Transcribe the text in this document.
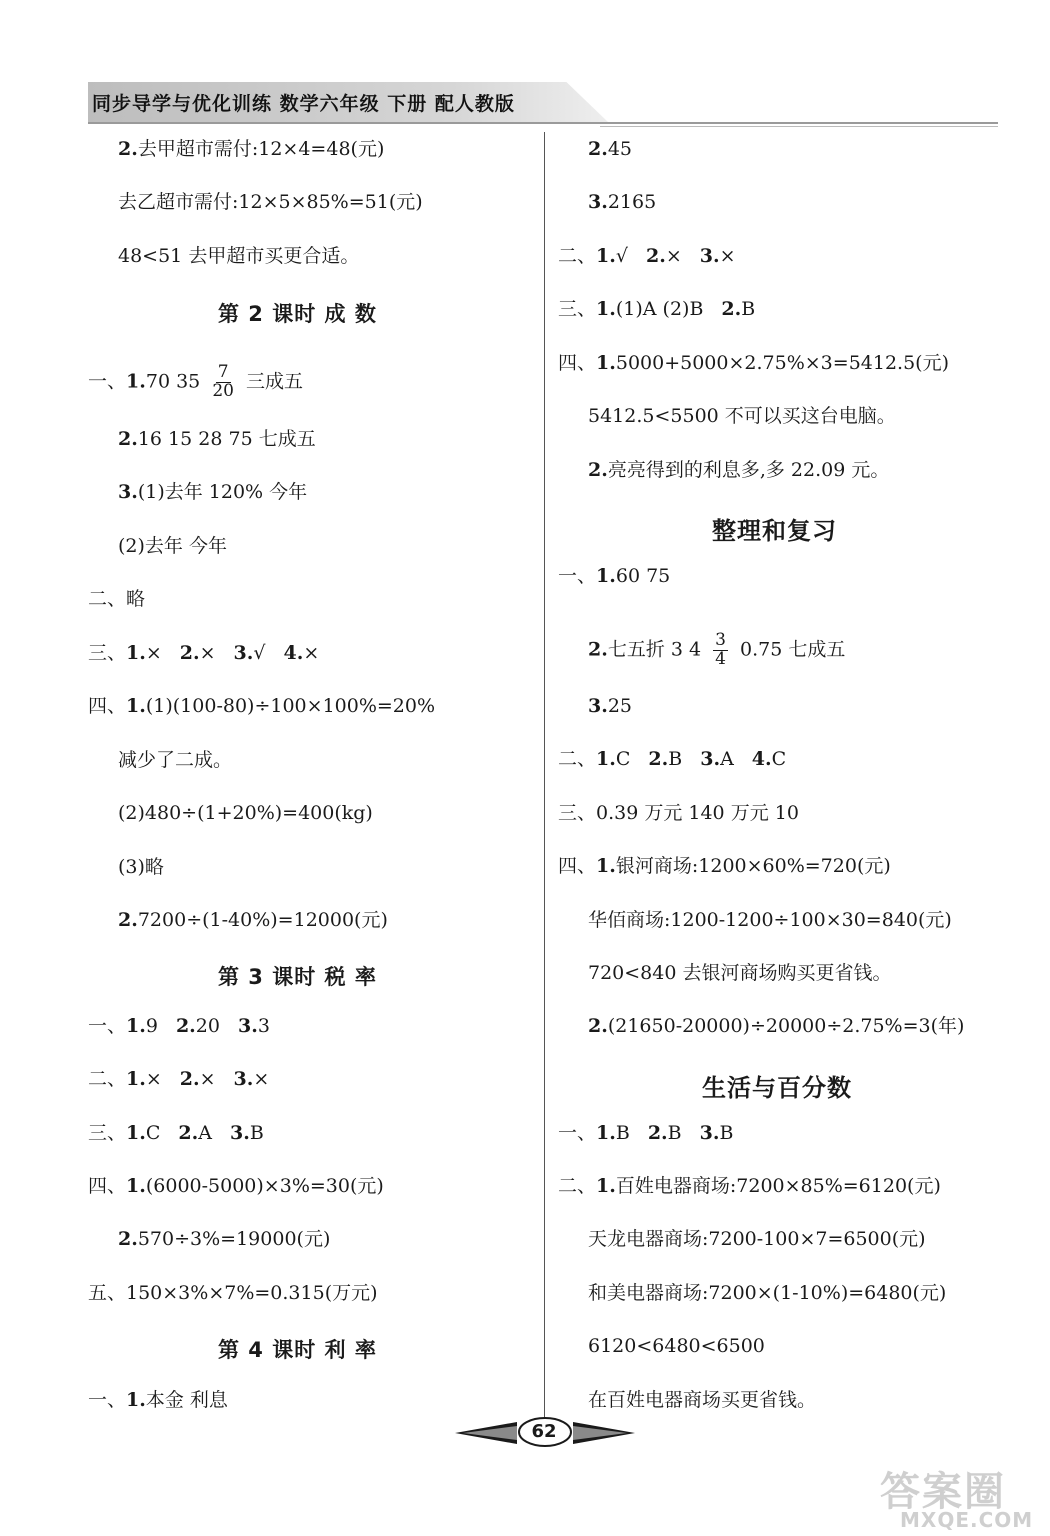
同步导学与优化训练 数学六年级 下册 配人教版
2.去甲超市需付:12×4=48(元)
去乙超市需付:12×5×85%=51(元)
48<51 去甲超市买更合适。
第 2 课时 成 数
一、1.70 $35 \frac{7}{20}$ 三成五
2.16 15 28 75 七成五
3.(1)去年 120% 今年
(2)去年 今年
二、略
三、1.× 2.× 3.√ 4.×
四、1.(1)(100-80)÷100×100%=20%
减少了二成。
(2)480÷(1+20%)=400(kg)
(3)略
2.7200÷(1-40%)=12000(元)
第 3 课时 税 率
一、1.9 2.20 3.3
二、1.× 2.× 3.×
三、1.C 2.A 3.B
四、1.(6000-5000)×3%=30(元)
2.570÷3%=19000(元)
五、150×3%×7%=0.315(万元)
第 4 课时 利 率
一、1.本金 利息
2.45
3.2165
二、1.√ 2.× 3.×
三、1.(1)A (2)B 2.B
四、1.5000+5000×2.75%×3=5412.5(元)
5412.5<5500 不可以买这台电脑。
2.亮亮得到的利息多,多 22.09 元。
整理和复习
一、1.60 75
2.七五折 3 $4 \frac{3}{4} 0.75$ 七成五
3.25
二、1.C 2.B 3.A 4.C
三、0.39 万元 140 万元 10
四、1.银河商场:1200×60%=720(元)
华佰商场:1200-1200÷100×30=840(元)
720<840 去银河商场购买更省钱。
2.(21650-20000)÷20000÷2.75%=3(年)
生活与百分数
一、1.B 2.B 3.B
二、1.百姓电器商场:7200×85%=6120(元)
天龙电器商场:7200-100×7=6500(元)
和美电器商场:7200×(1-10%)=6480(元)
6120<6480<6500
在百姓电器商场买更省钱。
62
答案圈
MXQE.COM
